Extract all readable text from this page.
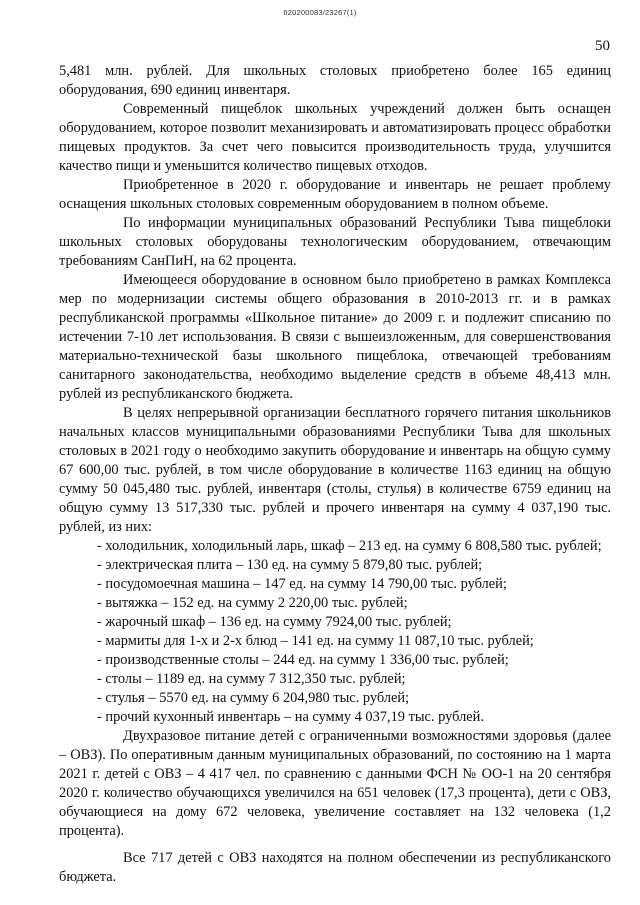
620200083/23267(1)
50

5,481 млн. рублей. Для школьных столовых приобретено более 165 единиц оборудования, 690 единиц инвентаря.

Современный пищеблок школьных учреждений должен быть оснащен оборудованием, которое позволит механизировать и автоматизировать процесс обработки пищевых продуктов. За счет чего повысится производительность труда, улучшится качество пищи и уменьшится количество пищевых отходов.

Приобретенное в 2020 г. оборудование и инвентарь не решает проблему оснащения школьных столовых современным оборудованием в полном объеме.

По информации муниципальных образований Республики Тыва пищеблоки школьных столовых оборудованы технологическим оборудованием, отвечающим требованиям СанПиН, на 62 процента.

Имеющееся оборудование в основном было приобретено в рамках Комплекса мер по модернизации системы общего образования в 2010-2013 гг. и в рамках республиканской программы «Школьное питание» до 2009 г. и подлежит списанию по истечении 7-10 лет использования. В связи с вышеизложенным, для совершенствования материально-технической базы школьного пищеблока, отвечающей требованиям санитарного законодательства, необходимо выделение средств в объеме 48,413 млн. рублей из республиканского бюджета.

В целях непрерывной организации бесплатного горячего питания школьников начальных классов муниципальными образованиями Республики Тыва для школьных столовых в 2021 году о необходимо закупить оборудование и инвентарь на общую сумму 67 600,00 тыс. рублей, в том числе оборудование в количестве 1163 единиц на общую сумму 50 045,480 тыс. рублей, инвентаря (столы, стулья) в количестве 6759 единиц на общую сумму 13 517,330 тыс. рублей и прочего инвентаря на сумму 4 037,190 тыс. рублей, из них:

- холодильник, холодильный ларь, шкаф – 213 ед. на сумму 6 808,580 тыс. рублей;
- электрическая плита – 130 ед. на сумму 5 879,80 тыс. рублей;
- посудомоечная машина – 147 ед. на сумму 14 790,00 тыс. рублей;
- вытяжка – 152 ед. на сумму 2 220,00 тыс. рублей;
- жарочный шкаф – 136 ед. на сумму 7924,00 тыс. рублей;
- мармиты для 1-х и 2-х блюд – 141 ед. на сумму 11 087,10 тыс. рублей;
- производственные столы – 244 ед. на сумму 1 336,00 тыс. рублей;
- столы – 1189 ед. на сумму 7 312,350 тыс. рублей;
- стулья – 5570 ед. на сумму 6 204,980 тыс. рублей;
- прочий кухонный инвентарь – на сумму 4 037,19 тыс. рублей.

Двухразовое питание детей с ограниченными возможностями здоровья (далее – ОВЗ). По оперативным данным муниципальных образований, по состоянию на 1 марта 2021 г. детей с ОВЗ – 4 417 чел. по сравнению с данными ФСН № ОО-1 на 20 сентября 2020 г. количество обучающихся увеличился на 651 человек (17,3 процента), дети с ОВЗ, обучающиеся на дому 672 человека, увеличение составляет на 132 человека (1,2 процента).

Все 717 детей с ОВЗ находятся на полном обеспечении из республиканского бюджета.
